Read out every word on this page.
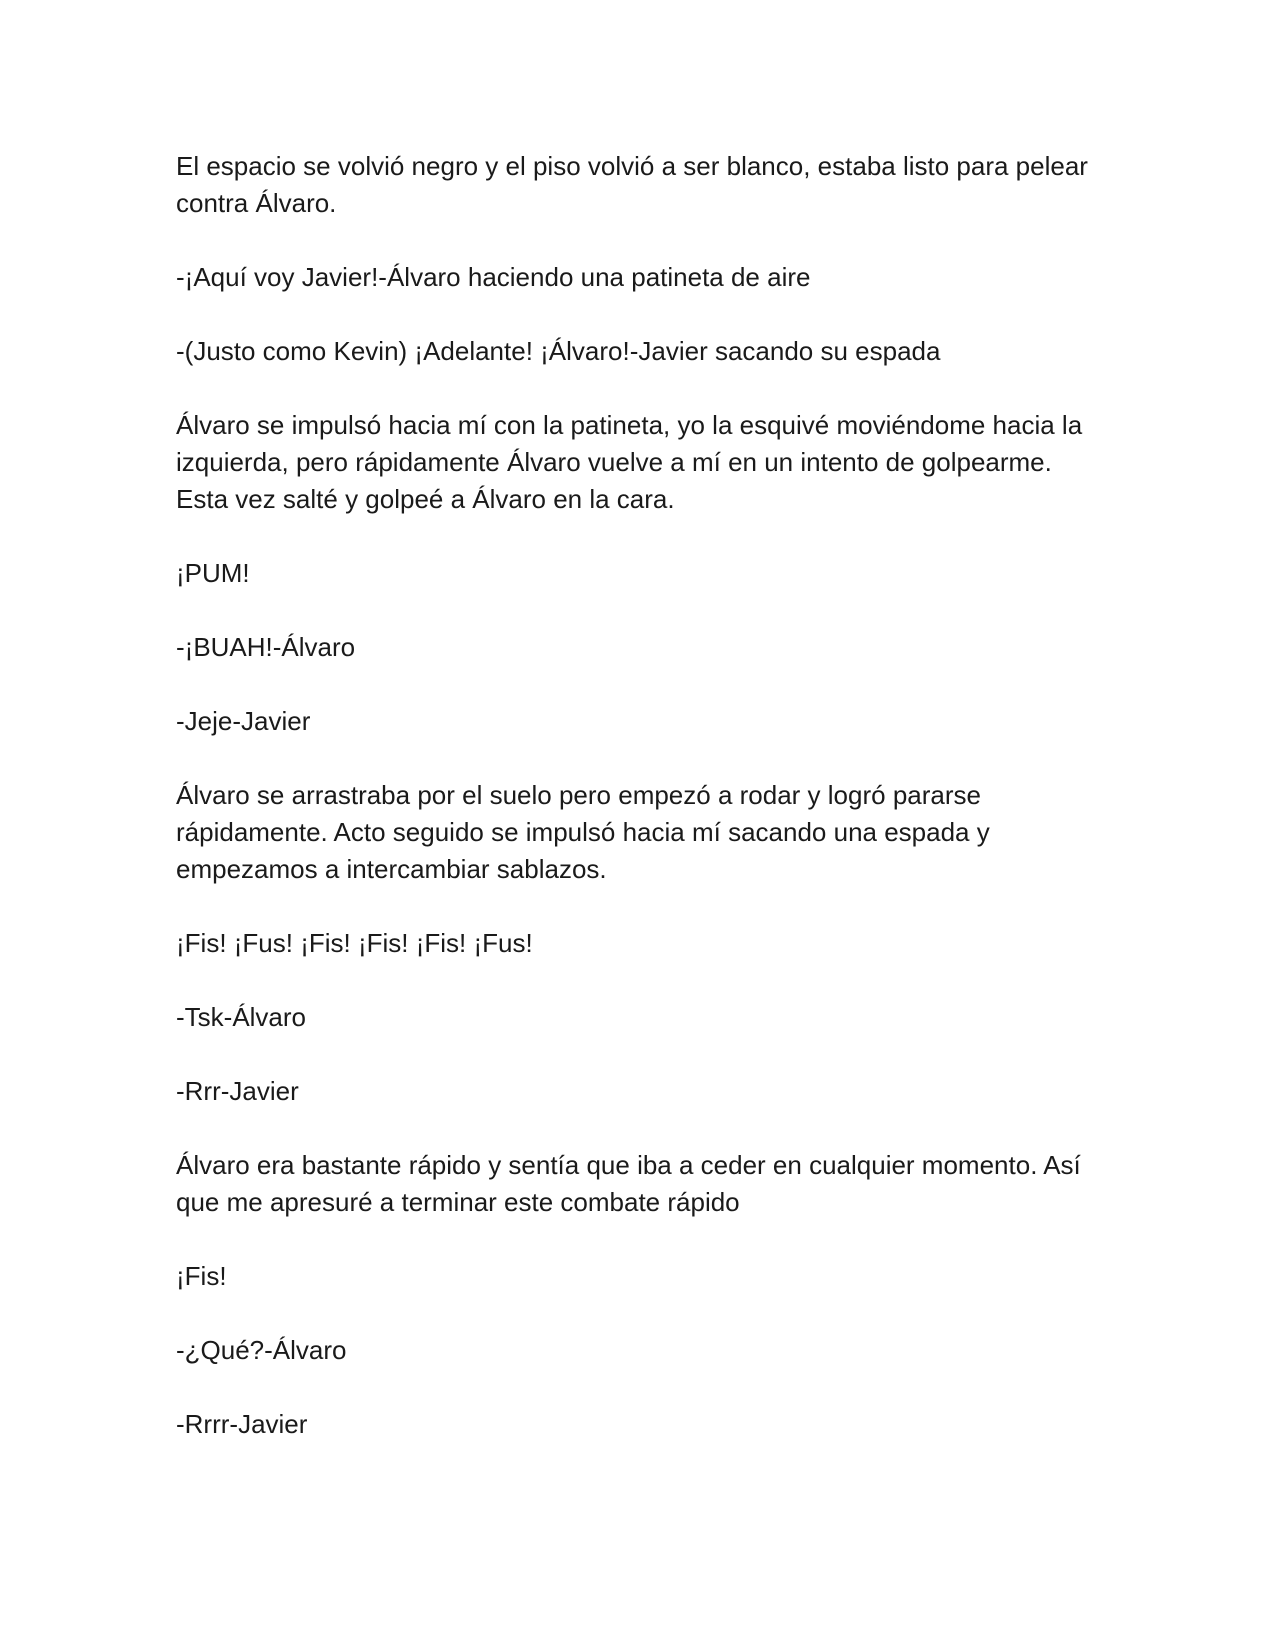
El espacio se volvió negro y el piso volvió a ser blanco, estaba listo para pelear contra Álvaro.

-¡Aquí voy Javier!-Álvaro haciendo una patineta de aire

-(Justo como Kevin) ¡Adelante! ¡Álvaro!-Javier sacando su espada

Álvaro se impulsó hacia mí con la patineta, yo la esquivé moviéndome hacia la izquierda, pero rápidamente Álvaro vuelve a mí en un intento de golpearme. Esta vez salté y golpeé a Álvaro en la cara.

¡PUM!

-¡BUAH!-Álvaro

-Jeje-Javier

Álvaro se arrastraba por el suelo pero empezó a rodar y logró pararse rápidamente. Acto seguido se impulsó hacia mí sacando una espada y empezamos a intercambiar sablazos.

¡Fis! ¡Fus! ¡Fis! ¡Fis! ¡Fis! ¡Fus!

-Tsk-Álvaro

-Rrr-Javier

Álvaro era bastante rápido y sentía que iba a ceder en cualquier momento. Así que me apresuré a terminar este combate rápido

¡Fis!

-¿Qué?-Álvaro

-Rrrr-Javier
